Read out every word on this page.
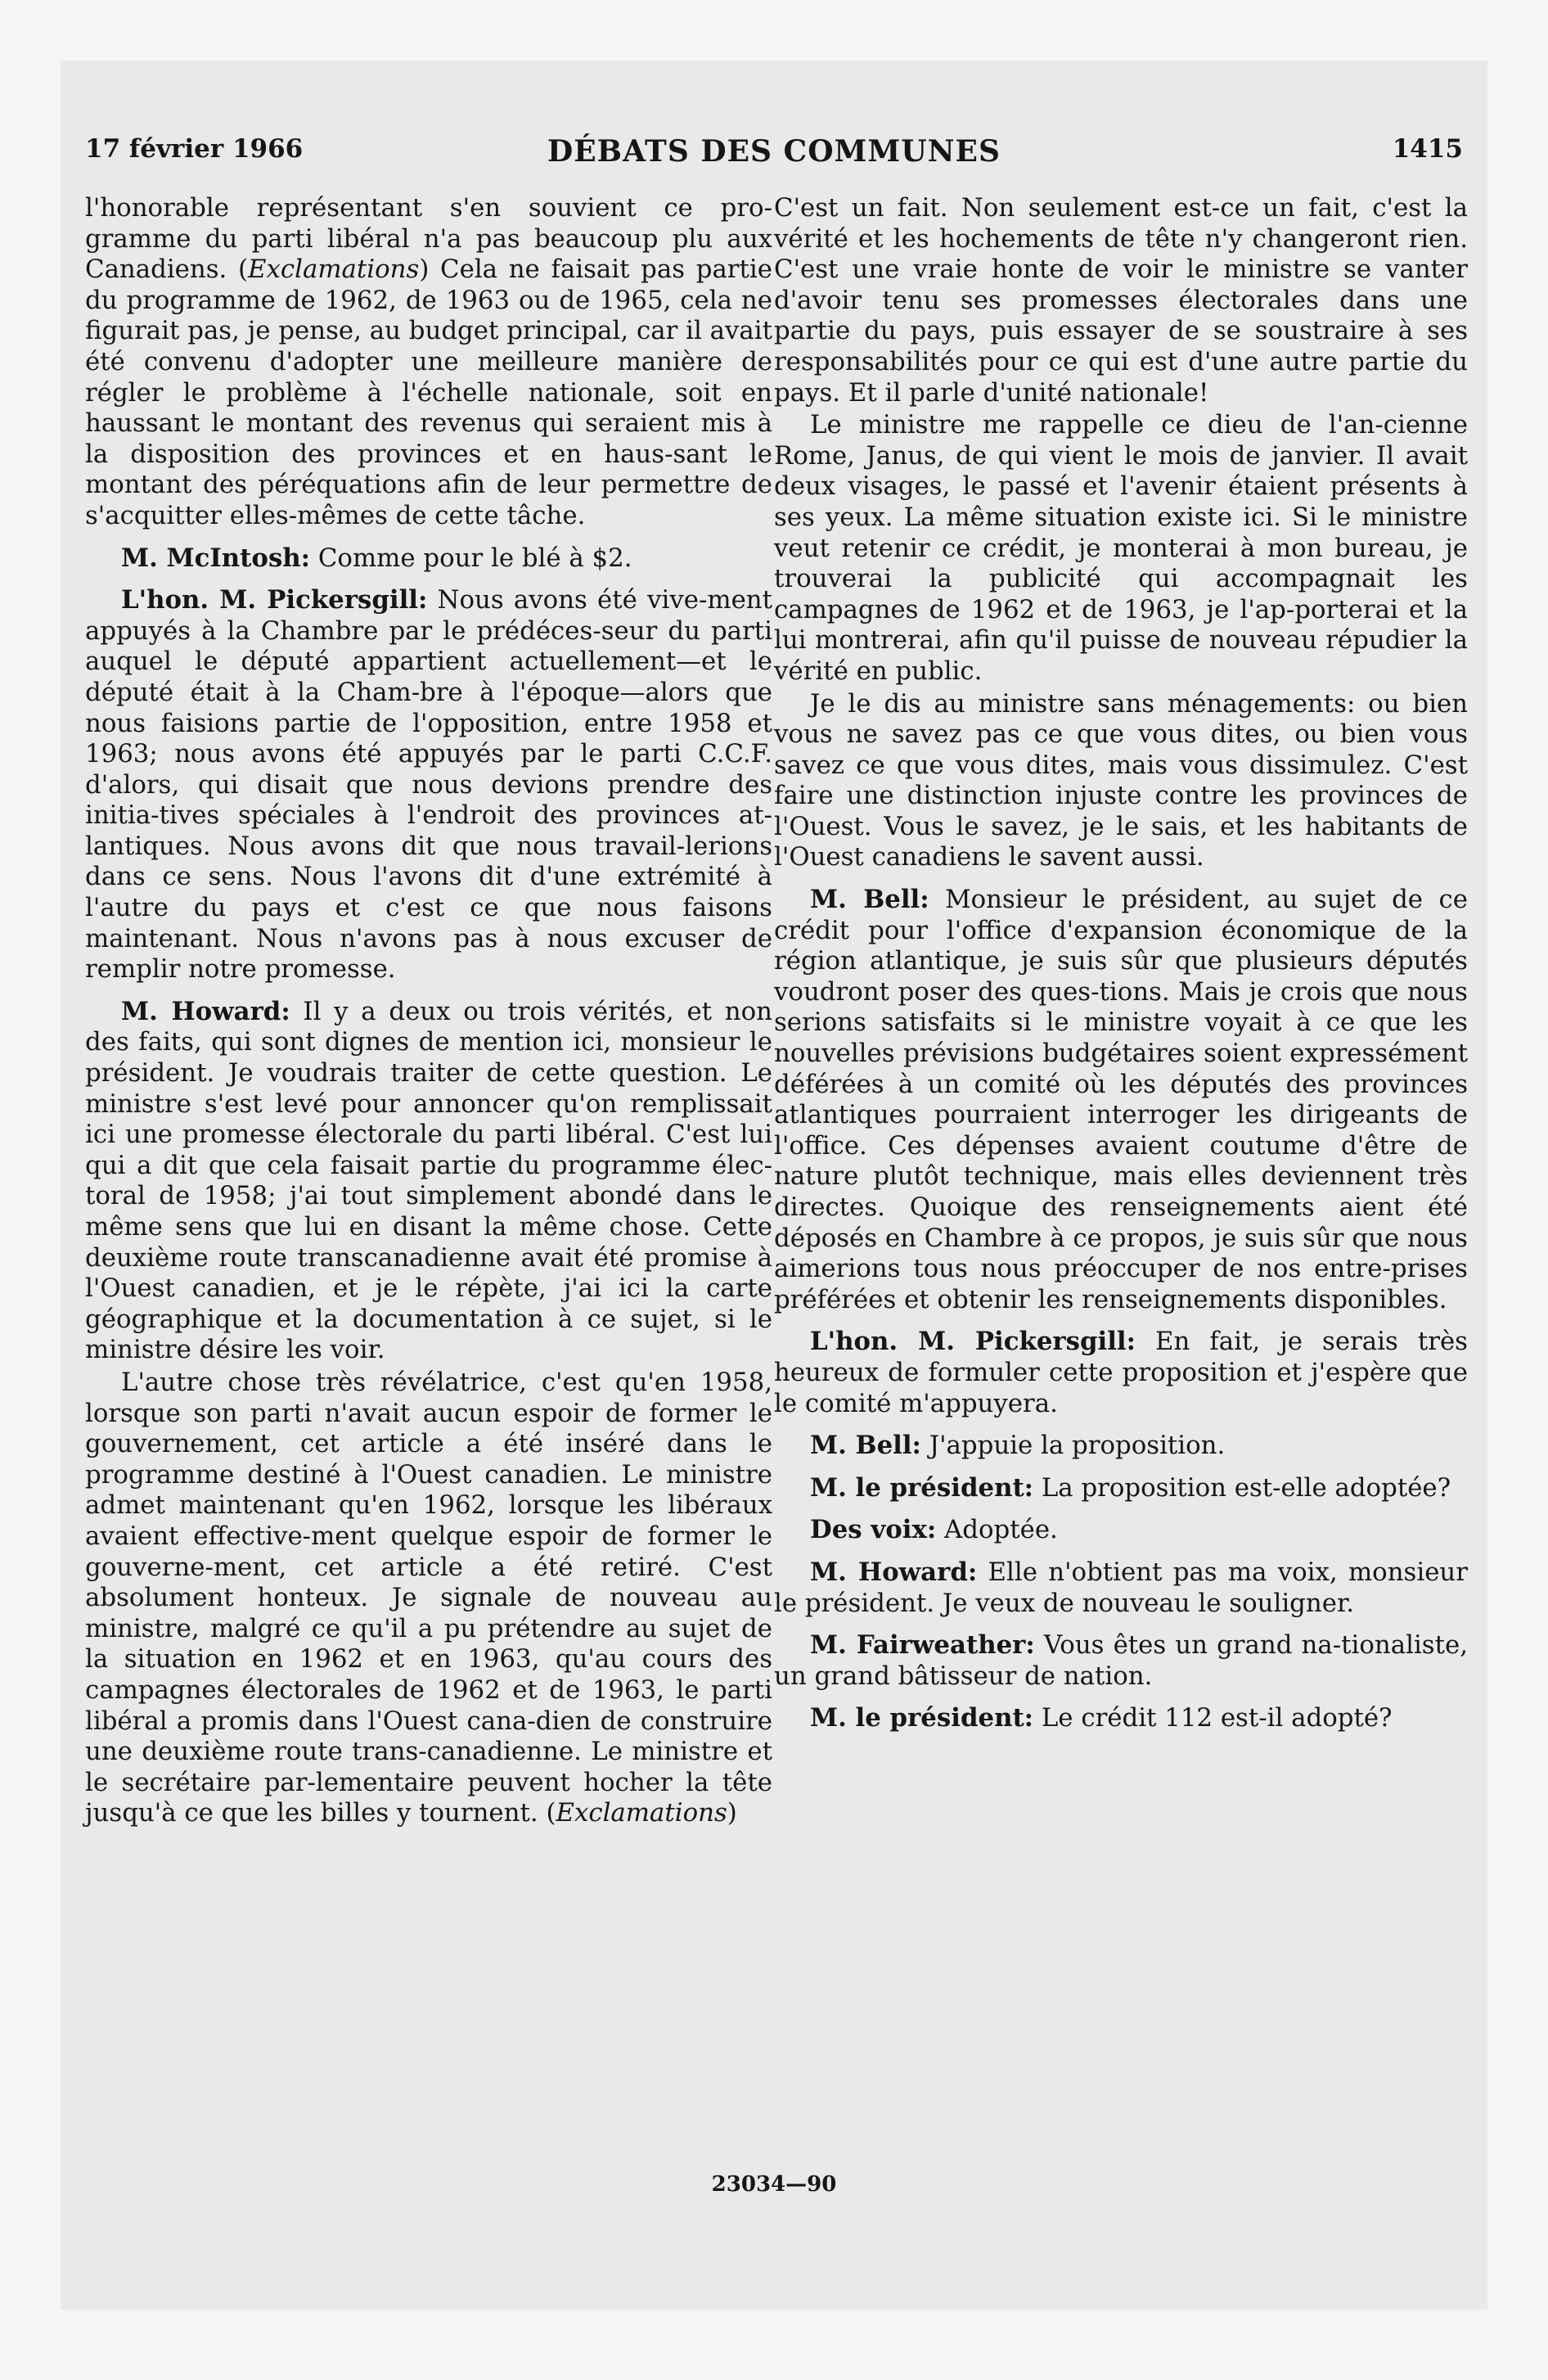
17 février 1966	DÉBATS DES COMMUNES	1415

l'honorable représentant s'en souvient ce pro-gramme du parti libéral n'a pas beaucoup plu aux Canadiens. (Exclamations) Cela ne faisait pas partie du programme de 1962, de 1963 ou de 1965, cela ne figurait pas, je pense, au budget principal, car il avait été convenu d'adopter une meilleure manière de régler le problème à l'échelle nationale, soit en haussant le montant des revenus qui seraient mis à la disposition des provinces et en haus-sant le montant des péréquations afin de leur permettre de s'acquitter elles-mêmes de cette tâche.

M. McIntosh: Comme pour le blé à $2.

L'hon. M. Pickersgill: Nous avons été vive-ment appuyés à la Chambre par le prédéces-seur du parti auquel le député appartient actuellement—et le député était à la Cham-bre à l'époque—alors que nous faisions partie de l'opposition, entre 1958 et 1963; nous avons été appuyés par le parti C.C.F. d'alors, qui disait que nous devions prendre des initia-tives spéciales à l'endroit des provinces at-lantiques. Nous avons dit que nous travail-lerions dans ce sens. Nous l'avons dit d'une extrémité à l'autre du pays et c'est ce que nous faisons maintenant. Nous n'avons pas à nous excuser de remplir notre promesse.

M. Howard: Il y a deux ou trois vérités, et non des faits, qui sont dignes de mention ici, monsieur le président. Je voudrais traiter de cette question. Le ministre s'est levé pour annoncer qu'on remplissait ici une promesse électorale du parti libéral. C'est lui qui a dit que cela faisait partie du programme élec-toral de 1958; j'ai tout simplement abondé dans le même sens que lui en disant la même chose. Cette deuxième route transcanadienne avait été promise à l'Ouest canadien, et je le répète, j'ai ici la carte géographique et la documentation à ce sujet, si le ministre désire les voir.

L'autre chose très révélatrice, c'est qu'en 1958, lorsque son parti n'avait aucun espoir de former le gouvernement, cet article a été inséré dans le programme destiné à l'Ouest canadien. Le ministre admet maintenant qu'en 1962, lorsque les libéraux avaient effective-ment quelque espoir de former le gouverne-ment, cet article a été retiré. C'est absolument honteux. Je signale de nouveau au ministre, malgré ce qu'il a pu prétendre au sujet de la situation en 1962 et en 1963, qu'au cours des campagnes électorales de 1962 et de 1963, le parti libéral a promis dans l'Ouest cana-dien de construire une deuxième route trans-canadienne. Le ministre et le secrétaire par-lementaire peuvent hocher la tête jusqu'à ce que les billes y tournent. (Exclamations)

C'est un fait. Non seulement est-ce un fait, c'est la vérité et les hochements de tête n'y changeront rien. C'est une vraie honte de voir le ministre se vanter d'avoir tenu ses promesses électorales dans une partie du pays, puis essayer de se soustraire à ses responsabilités pour ce qui est d'une autre partie du pays. Et il parle d'unité nationale!

Le ministre me rappelle ce dieu de l'an-cienne Rome, Janus, de qui vient le mois de janvier. Il avait deux visages, le passé et l'avenir étaient présents à ses yeux. La même situation existe ici. Si le ministre veut retenir ce crédit, je monterai à mon bureau, je trouverai la publicité qui accompagnait les campagnes de 1962 et de 1963, je l'ap-porterai et la lui montrerai, afin qu'il puisse de nouveau répudier la vérité en public.

Je le dis au ministre sans ménagements: ou bien vous ne savez pas ce que vous dites, ou bien vous savez ce que vous dites, mais vous dissimulez. C'est faire une distinction injuste contre les provinces de l'Ouest. Vous le savez, je le sais, et les habitants de l'Ouest canadiens le savent aussi.

M. Bell: Monsieur le président, au sujet de ce crédit pour l'office d'expansion économique de la région atlantique, je suis sûr que plusieurs députés voudront poser des ques-tions. Mais je crois que nous serions satisfaits si le ministre voyait à ce que les nouvelles prévisions budgétaires soient expressément déférées à un comité où les députés des provinces atlantiques pourraient interroger les dirigeants de l'office. Ces dépenses avaient coutume d'être de nature plutôt technique, mais elles deviennent très directes. Quoique des renseignements aient été déposés en Chambre à ce propos, je suis sûr que nous aimerions tous nous préoccuper de nos entre-prises préférées et obtenir les renseignements disponibles.

L'hon. M. Pickersgill: En fait, je serais très heureux de formuler cette proposition et j'espère que le comité m'appuyera.

M. Bell: J'appuie la proposition.

M. le président: La proposition est-elle adoptée?

Des voix: Adoptée.

M. Howard: Elle n'obtient pas ma voix, monsieur le président. Je veux de nouveau le souligner.

M. Fairweather: Vous êtes un grand na-tionaliste, un grand bâtisseur de nation.

M. le président: Le crédit 112 est-il adopté?

23034—90
